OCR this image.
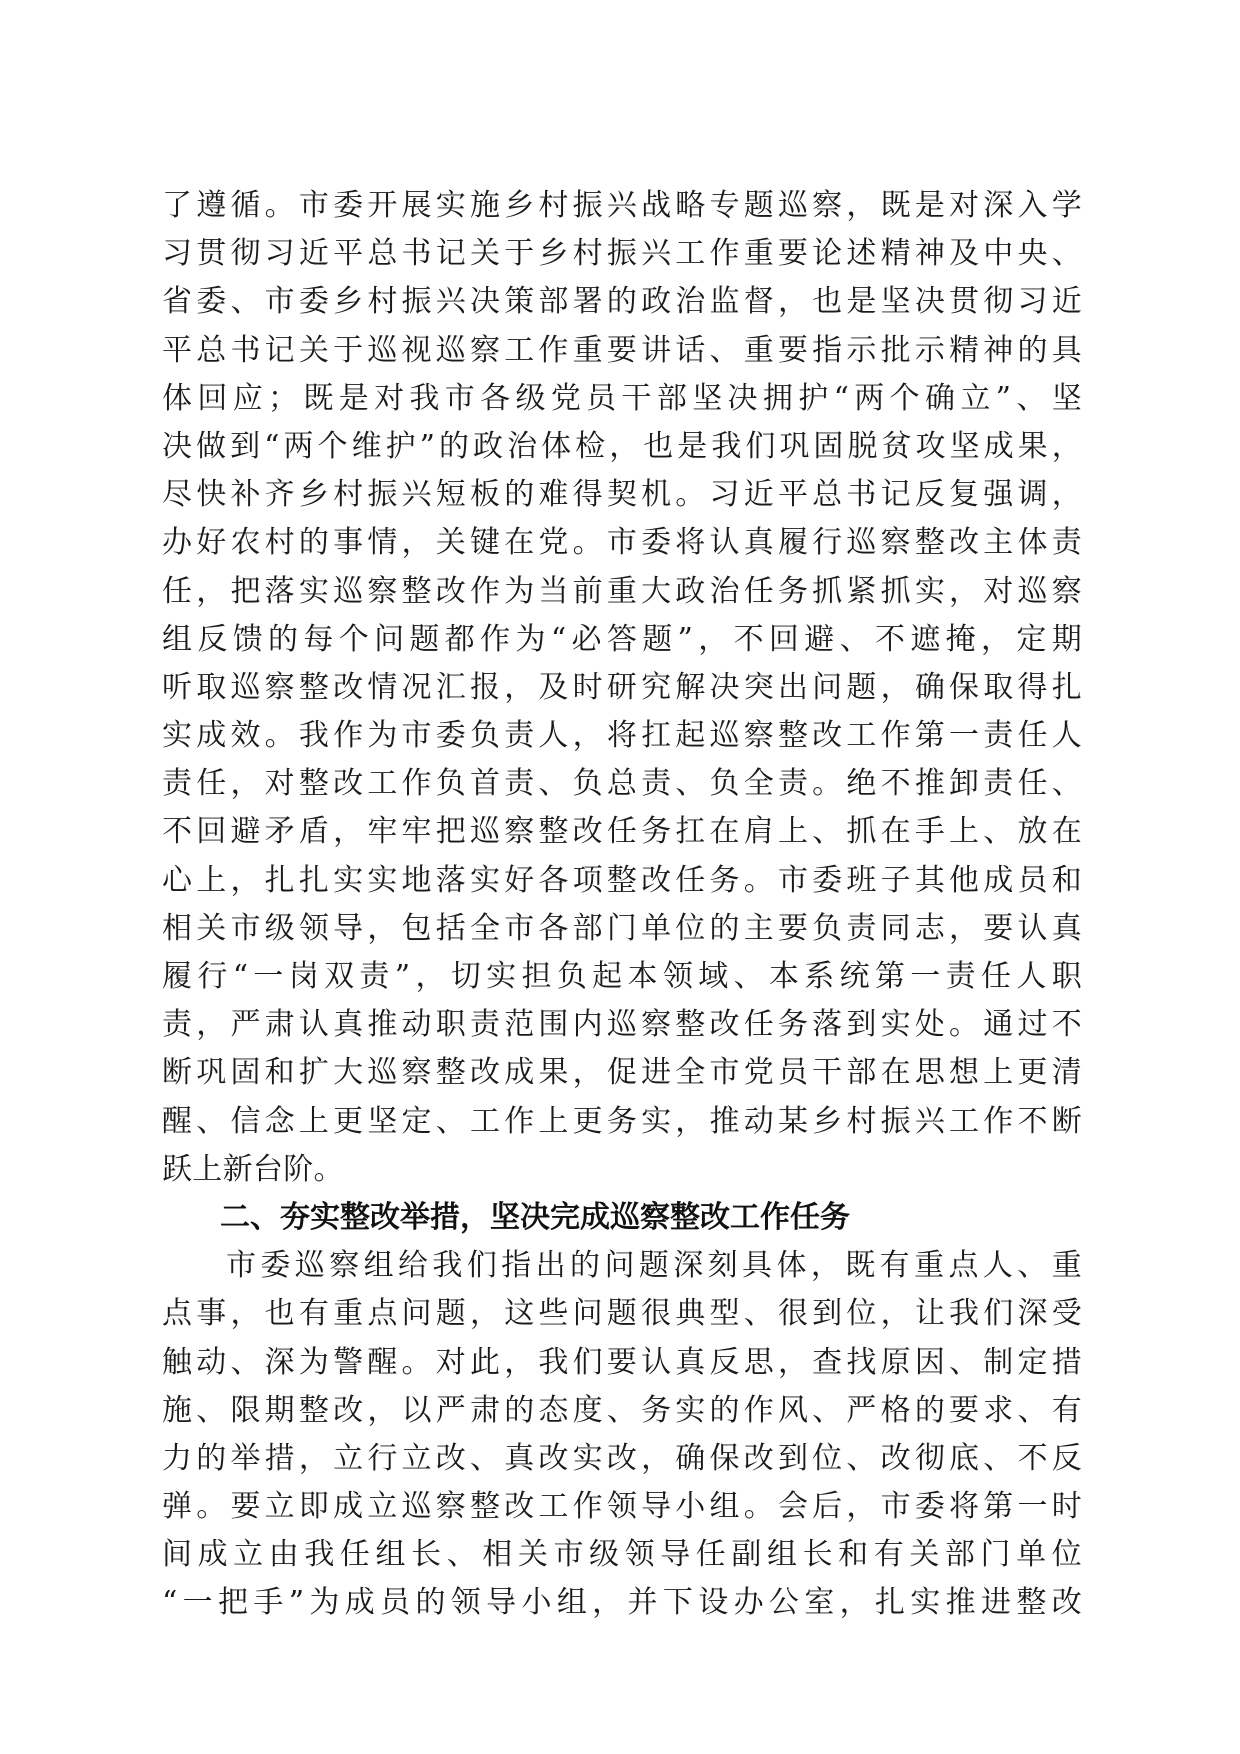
了遵循。市委开展实施乡村振兴战略专题巡察，既是对深入学
习贯彻习近平总书记关于乡村振兴工作重要论述精神及中央、
省委、市委乡村振兴决策部署的政治监督，也是坚决贯彻习近
平总书记关于巡视巡察工作重要讲话、重要指示批示精神的具
体回应；既是对我市各级党员干部坚决拥护“两个确立”、坚
决做到“两个维护”的政治体检，也是我们巩固脱贫攻坚成果，
尽快补齐乡村振兴短板的难得契机。习近平总书记反复强调，
办好农村的事情，关键在党。市委将认真履行巡察整改主体责
任，把落实巡察整改作为当前重大政治任务抓紧抓实，对巡察
组反馈的每个问题都作为“必答题”，不回避、不遮掩，定期
听取巡察整改情况汇报，及时研究解决突出问题，确保取得扎
实成效。我作为市委负责人，将扛起巡察整改工作第一责任人
责任，对整改工作负首责、负总责、负全责。绝不推卸责任、
不回避矛盾，牢牢把巡察整改任务扛在肩上、抓在手上、放在
心上，扎扎实实地落实好各项整改任务。市委班子其他成员和
相关市级领导，包括全市各部门单位的主要负责同志，要认真
履行“一岗双责”，切实担负起本领域、本系统第一责任人职
责，严肃认真推动职责范围内巡察整改任务落到实处。通过不
断巩固和扩大巡察整改成果，促进全市党员干部在思想上更清
醒、信念上更坚定、工作上更务实，推动某乡村振兴工作不断
跃上新台阶。
二、夯实整改举措，坚决完成巡察整改工作任务
市委巡察组给我们指出的问题深刻具体，既有重点人、重
点事，也有重点问题，这些问题很典型、很到位，让我们深受
触动、深为警醒。对此，我们要认真反思，查找原因、制定措
施、限期整改，以严肃的态度、务实的作风、严格的要求、有
力的举措，立行立改、真改实改，确保改到位、改彻底、不反
弹。要立即成立巡察整改工作领导小组。会后，市委将第一时
间成立由我任组长、相关市级领导任副组长和有关部门单位
“一把手”为成员的领导小组，并下设办公室，扎实推进整改
